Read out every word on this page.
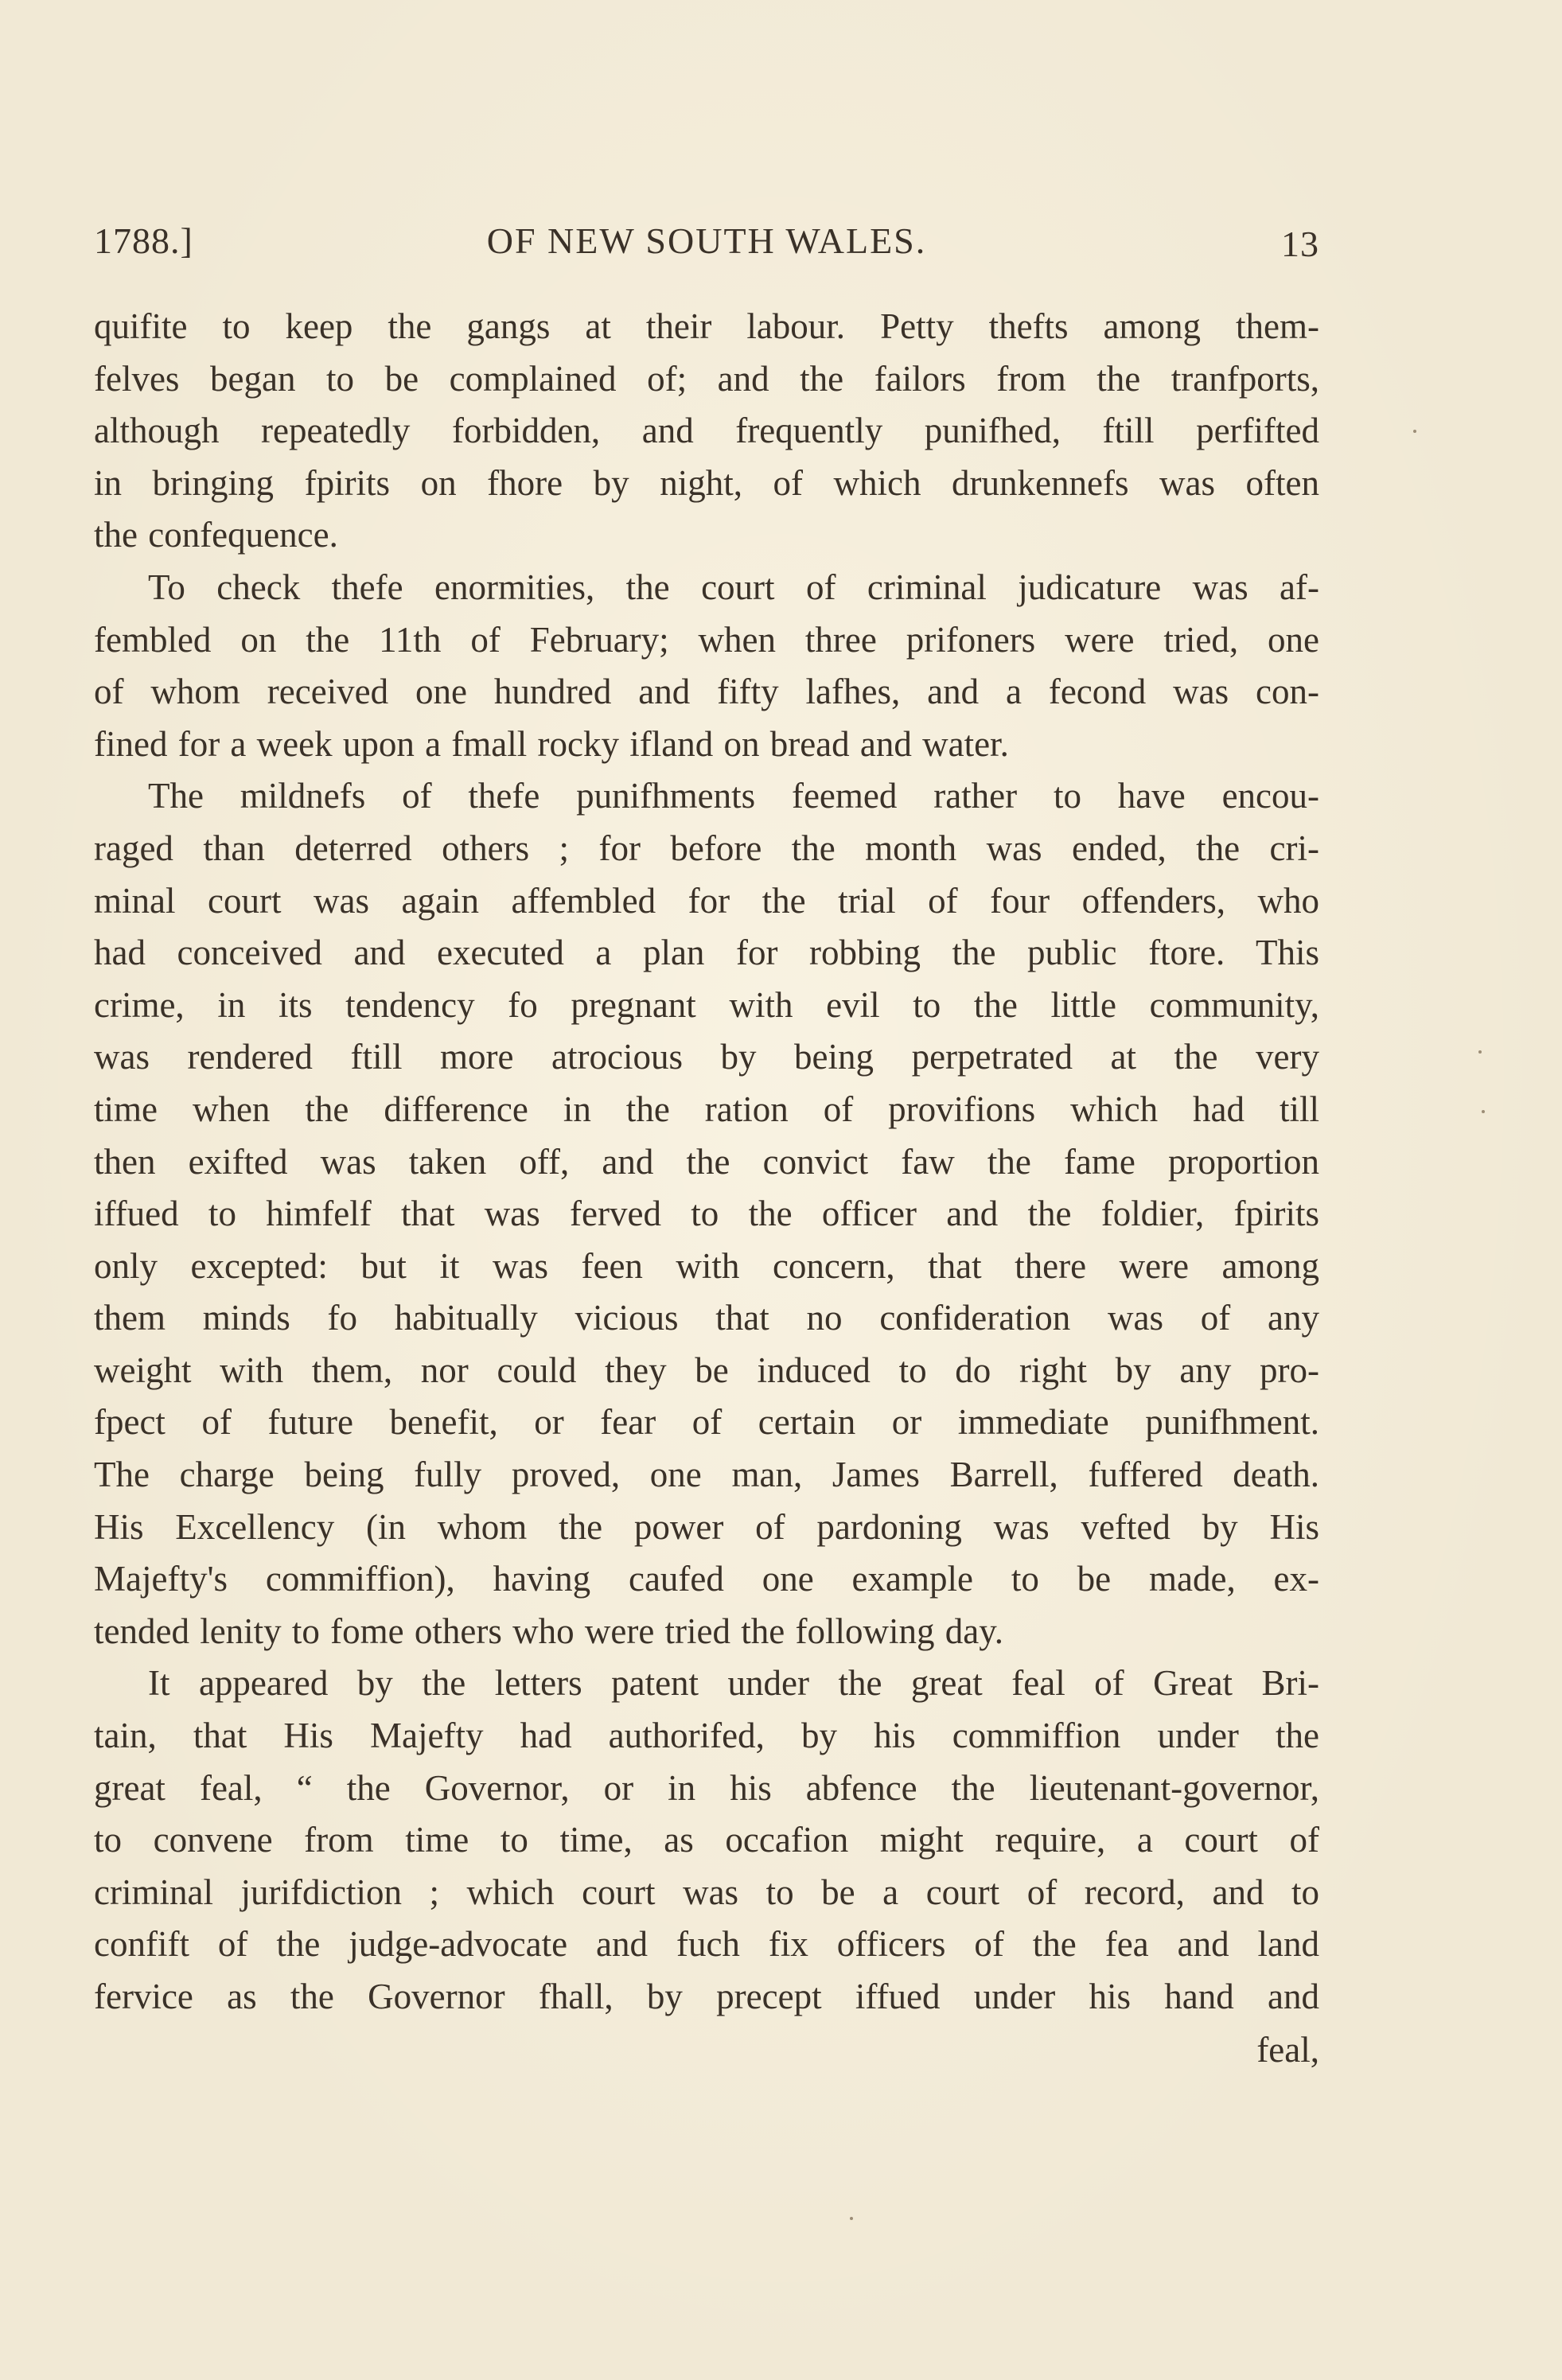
1788.]	OF NEW SOUTH WALES.	13
quifite to keep the gangs at their labour. Petty thefts among them-
felves began to be complained of; and the failors from the tranfports,
although repeatedly forbidden, and frequently punifhed, ftill perfifted
in bringing fpirits on fhore by night, of which drunkennefs was often
the confequence.
To check thefe enormities, the court of criminal judicature was af-
fembled on the 11th of February; when three prifoners were tried, one
of whom received one hundred and fifty lafhes, and a fecond was con-
fined for a week upon a fmall rocky ifland on bread and water.
The mildnefs of thefe punifhments feemed rather to have encou-
raged than deterred others ; for before the month was ended, the cri-
minal court was again affembled for the trial of four offenders, who
had conceived and executed a plan for robbing the public ftore. This
crime, in its tendency fo pregnant with evil to the little community,
was rendered ftill more atrocious by being perpetrated at the very
time when the difference in the ration of provifions which had till
then exifted was taken off, and the convict faw the fame proportion
iffued to himfelf that was ferved to the officer and the foldier, fpirits
only excepted: but it was feen with concern, that there were among
them minds fo habitually vicious that no confideration was of any
weight with them, nor could they be induced to do right by any pro-
fpect of future benefit, or fear of certain or immediate punifhment.
The charge being fully proved, one man, James Barrell, fuffered death.
His Excellency (in whom the power of pardoning was vefted by His
Majefty's commiffion), having caufed one example to be made, ex-
tended lenity to fome others who were tried the following day.
It appeared by the letters patent under the great feal of Great Bri-
tain, that His Majefty had authorifed, by his commiffion under the
great feal, “ the Governor, or in his abfence the lieutenant-governor,
to convene from time to time, as occafion might require, a court of
criminal jurifdiction ; which court was to be a court of record, and to
confift of the judge-advocate and fuch fix officers of the fea and land
fervice as the Governor fhall, by precept iffued under his hand and
feal,
